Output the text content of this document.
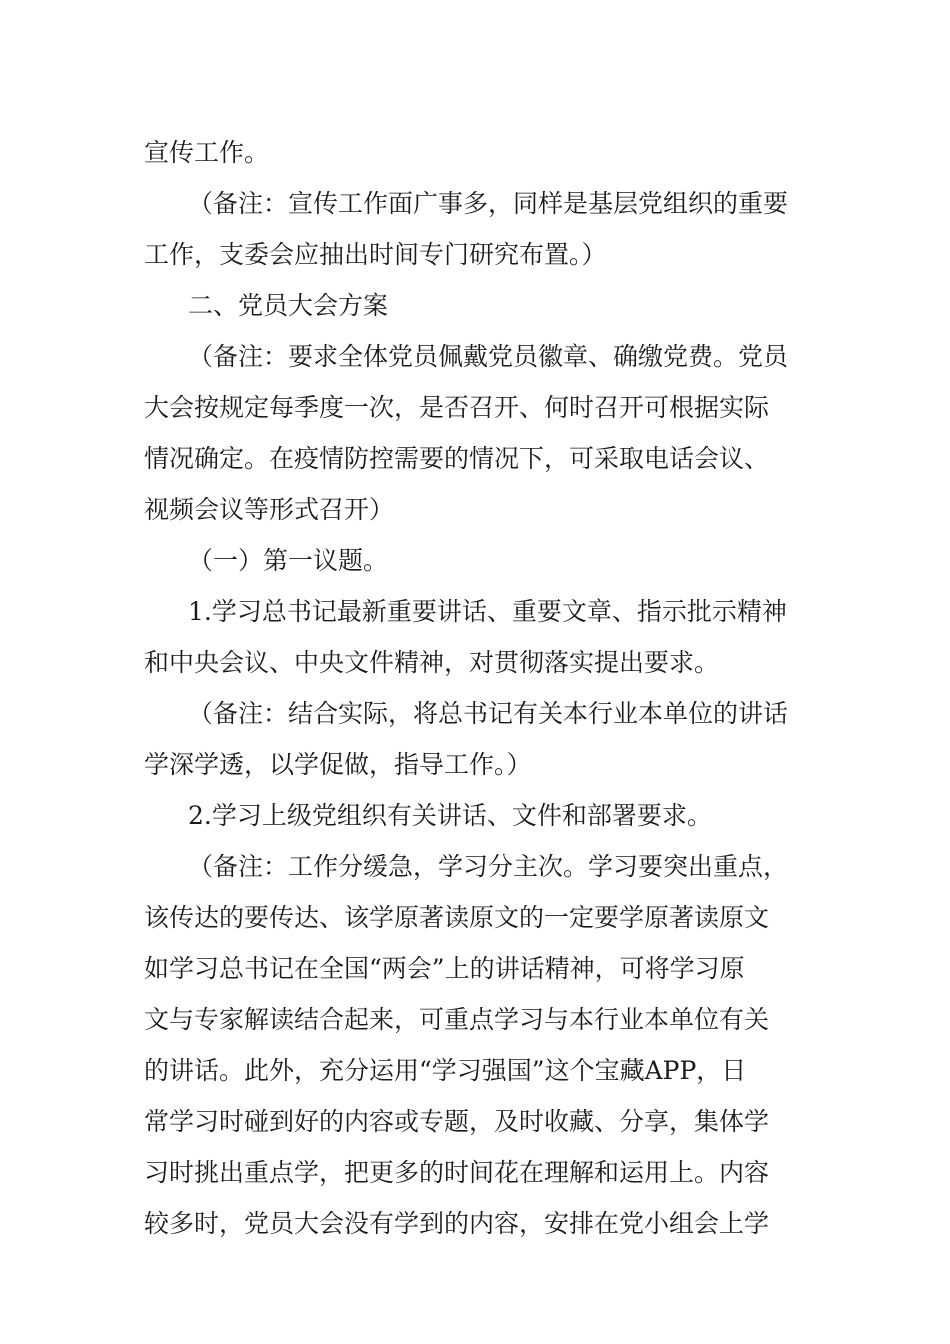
宣传工作。
（备注：宣传工作面广事多，同样是基层党组织的重要
工作，支委会应抽出时间专门研究布置。）
二、党员大会方案
（备注：要求全体党员佩戴党员徽章、确缴党费。党员
大会按规定每季度一次，是否召开、何时召开可根据实际
情况确定。在疫情防控需要的情况下，可采取电话会议、
视频会议等形式召开）
（一）第一议题。
1.学习总书记最新重要讲话、重要文章、指示批示精神
和中央会议、中央文件精神，对贯彻落实提出要求。
（备注：结合实际，将总书记有关本行业本单位的讲话
学深学透，以学促做，指导工作。）
2.学习上级党组织有关讲话、文件和部署要求。
（备注：工作分缓急，学习分主次。学习要突出重点，
该传达的要传达、该学原著读原文的一定要学原著读原文
如学习总书记在全国“两会”上的讲话精神，可将学习原
文与专家解读结合起来，可重点学习与本行业本单位有关
的讲话。此外，充分运用“学习强国”这个宝藏APP，日
常学习时碰到好的内容或专题，及时收藏、分享，集体学
习时挑出重点学，把更多的时间花在理解和运用上。内容
较多时，党员大会没有学到的内容，安排在党小组会上学
